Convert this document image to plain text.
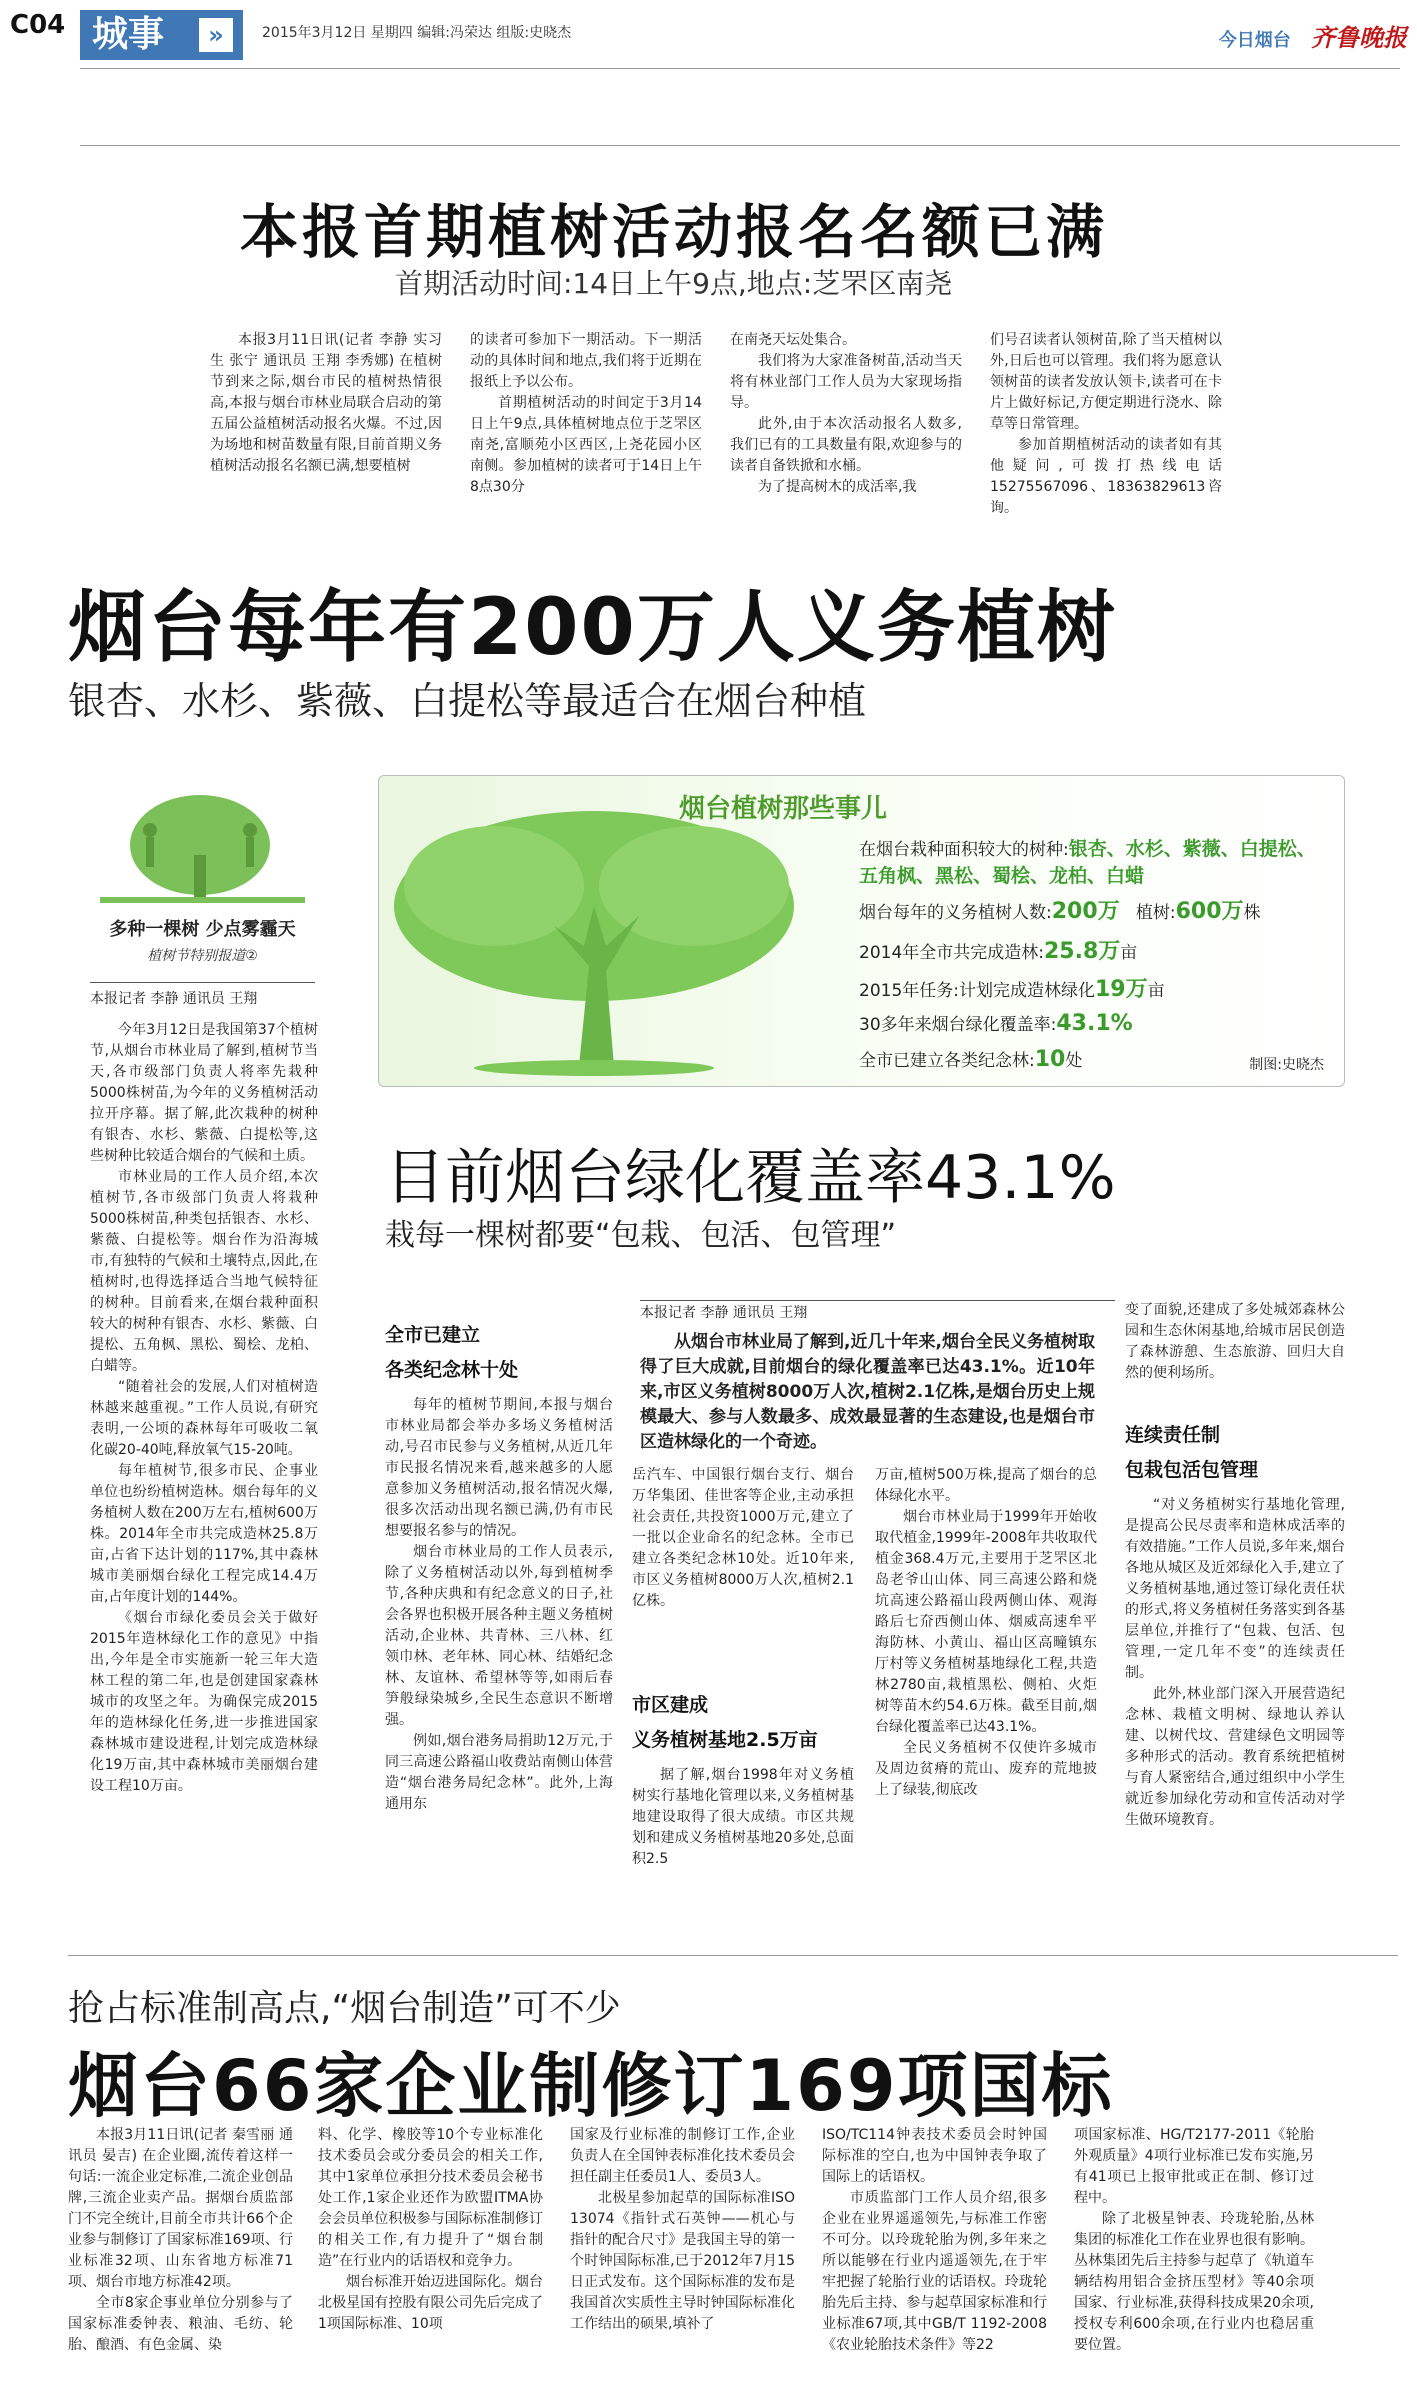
C04 城事	»	2015年3月12日 星期四 编辑:冯荣达 组版:史晓杰	今日烟台 齐鲁晚报
本报首期植树活动报名名额已满
首期活动时间:14日上午9点,地点:芝罘区南尧

本报3月11日讯(记者 李静 实习生 张宁 通讯员 王翔 李秀娜) 在植树节到来之际,烟台市民的植树热情很高,本报与烟台市林业局联合启动的第五届公益植树活动报名火爆。不过,因为场地和树苗数量有限,目前首期义务植树活动报名名额已满,想要植树

的读者可参加下一期活动。下一期活动的具体时间和地点,我们将于近期在报纸上予以公布。

首期植树活动的时间定于3月14日上午9点,具体植树地点位于芝罘区南尧,富顺苑小区西区,上尧花园小区南侧。参加植树的读者可于14日上午8点30分

在南尧天坛处集合。

我们将为大家准备树苗,活动当天将有林业部门工作人员为大家现场指导。

此外,由于本次活动报名人数多,我们已有的工具数量有限,欢迎参与的读者自备铁掀和水桶。

为了提高树木的成活率,我

们号召读者认领树苗,除了当天植树以外,日后也可以管理。我们将为愿意认领树苗的读者发放认领卡,读者可在卡片上做好标记,方便定期进行浇水、除草等日常管理。

参加首期植树活动的读者如有其他疑问,可拨打热线电话15275567096、18363829613咨询。

烟台每年有200万人义务植树
银杏、水杉、紫薇、白提松等最适合在烟台种植
多种一棵树 少点雾霾天
植树节特别报道②
本报记者 李静 通讯员 王翔

今年3月12日是我国第37个植树节,从烟台市林业局了解到,植树节当天,各市级部门负责人将率先栽种5000株树苗,为今年的义务植树活动拉开序幕。据了解,此次栽种的树种有银杏、水杉、紫薇、白提松等,这些树种比较适合烟台的气候和土质。

市林业局的工作人员介绍,本次植树节,各市级部门负责人将栽种5000株树苗,种类包括银杏、水杉、紫薇、白提松等。烟台作为沿海城市,有独特的气候和土壤特点,因此,在植树时,也得选择适合当地气候特征的树种。目前看来,在烟台栽种面积较大的树种有银杏、水杉、紫薇、白提松、五角枫、黑松、蜀桧、龙柏、白蜡等。

“随着社会的发展,人们对植树造林越来越重视。”工作人员说,有研究表明,一公顷的森林每年可吸收二氧化碳20-40吨,释放氧气15-20吨。

每年植树节,很多市民、企事业单位也纷纷植树造林。烟台每年的义务植树人数在200万左右,植树600万株。2014年全市共完成造林25.8万亩,占省下达计划的117%,其中森林城市美丽烟台绿化工程完成14.4万亩,占年度计划的144%。

《烟台市绿化委员会关于做好2015年造林绿化工作的意见》中指出,今年是全市实施新一轮三年大造林工程的第二年,也是创建国家森林城市的攻坚之年。为确保完成2015年的造林绿化任务,进一步推进国家森林城市建设进程,计划完成造林绿化19万亩,其中森林城市美丽烟台建设工程10万亩。

烟台植树那些事儿
在烟台栽种面积较大的树种:银杏、水杉、紫薇、白提松、五角枫、黑松、蜀桧、龙柏、白蜡
烟台每年的义务植树人数:200万 植树:600万株
2014年全市共完成造林:25.8万亩
2015年任务:计划完成造林绿化19万亩
30多年来烟台绿化覆盖率:43.1%
全市已建立各类纪念林:10处	制图:史晓杰
目前烟台绿化覆盖率43.1%
栽每一棵树都要“包栽、包活、包管理”
本报记者 李静 通讯员 王翔

从烟台市林业局了解到,近几十年来,烟台全民义务植树取得了巨大成就,目前烟台的绿化覆盖率已达43.1%。近10年来,市区义务植树8000万人次,植树2.1亿株,是烟台历史上规模最大、参与人数最多、成效最显著的生态建设,也是烟台市区造林绿化的一个奇迹。

全市已建立
各类纪念林十处

每年的植树节期间,本报与烟台市林业局都会举办多场义务植树活动,号召市民参与义务植树,从近几年市民报名情况来看,越来越多的人愿意参加义务植树活动,报名情况火爆,很多次活动出现名额已满,仍有市民想要报名参与的情况。

烟台市林业局的工作人员表示,除了义务植树活动以外,每到植树季节,各种庆典和有纪念意义的日子,社会各界也积极开展各种主题义务植树活动,企业林、共青林、三八林、红领巾林、老年林、同心林、结婚纪念林、友谊林、希望林等等,如雨后春笋般绿染城乡,全民生态意识不断增强。

例如,烟台港务局捐助12万元,于同三高速公路福山收费站南侧山体营造“烟台港务局纪念林”。此外,上海通用东

岳汽车、中国银行烟台支行、烟台万华集团、佳世客等企业,主动承担社会责任,共投资1000万元,建立了一批以企业命名的纪念林。全市已建立各类纪念林10处。近10年来,市区义务植树8000万人次,植树2.1亿株。

市区建成
义务植树基地2.5万亩

据了解,烟台1998年对义务植树实行基地化管理以来,义务植树基地建设取得了很大成绩。市区共规划和建成义务植树基地20多处,总面积2.5

万亩,植树500万株,提高了烟台的总体绿化水平。

烟台市林业局于1999年开始收取代植金,1999年-2008年共收取代植金368.4万元,主要用于芝罘区北岛老爷山山体、同三高速公路和烧坑高速公路福山段两侧山体、观海路后七夼西侧山体、烟威高速牟平海防林、小黄山、福山区高疃镇东厅村等义务植树基地绿化工程,共造林2780亩,栽植黑松、侧柏、火炬树等苗木约54.6万株。截至目前,烟台绿化覆盖率已达43.1%。

全民义务植树不仅使许多城市及周边贫瘠的荒山、废弃的荒地披上了绿装,彻底改

变了面貌,还建成了多处城郊森林公园和生态休闲基地,给城市居民创造了森林游憩、生态旅游、回归大自然的便利场所。

连续责任制
包栽包活包管理

“对义务植树实行基地化管理,是提高公民尽责率和造林成活率的有效措施。”工作人员说,多年来,烟台各地从城区及近郊绿化入手,建立了义务植树基地,通过签订绿化责任状的形式,将义务植树任务落实到各基层单位,并推行了“包栽、包活、包管理,一定几年不变”的连续责任制。

此外,林业部门深入开展营造纪念林、栽植文明树、绿地认养认建、以树代坟、营建绿色文明园等多种形式的活动。教育系统把植树与育人紧密结合,通过组织中小学生就近参加绿化劳动和宣传活动对学生做环境教育。

抢占标准制高点,“烟台制造”可不少
烟台66家企业制修订169项国标

本报3月11日讯(记者 秦雪丽 通讯员 晏吉) 在企业圈,流传着这样一句话:一流企业定标准,二流企业创品牌,三流企业卖产品。据烟台质监部门不完全统计,目前全市共计66个企业参与制修订了国家标准169项、行业标准32项、山东省地方标准71项、烟台市地方标准42项。

全市8家企事业单位分别参与了国家标准委钟表、粮油、毛纺、轮胎、酿酒、有色金属、染

料、化学、橡胶等10个专业标准化技术委员会或分委员会的相关工作,其中1家单位承担分技术委员会秘书处工作,1家企业还作为欧盟ITMA协会会员单位积极参与国际标准制修订的相关工作,有力提升了“烟台制造”在行业内的话语权和竞争力。

烟台标准开始迈进国际化。烟台北极星国有控股有限公司先后完成了1项国际标准、10项

国家及行业标准的制修订工作,企业负责人在全国钟表标准化技术委员会担任副主任委员1人、委员3人。

北极星参加起草的国际标准ISO 13074《指针式石英钟——机心与指针的配合尺寸》是我国主导的第一个时钟国际标准,已于2012年7月15日正式发布。这个国际标准的发布是我国首次实质性主导时钟国际标准化工作结出的硕果,填补了

ISO/TC114钟表技术委员会时钟国际标准的空白,也为中国钟表争取了国际上的话语权。

市质监部门工作人员介绍,很多企业在业界遥遥领先,与标准工作密不可分。以玲珑轮胎为例,多年来之所以能够在行业内遥遥领先,在于牢牢把握了轮胎行业的话语权。玲珑轮胎先后主持、参与起草国家标准和行业标准67项,其中GB/T 1192-2008《农业轮胎技术条件》等22

项国家标准、HG/T2177-2011《轮胎外观质量》4项行业标准已发布实施,另有41项已上报审批或正在制、修订过程中。

除了北极星钟表、玲珑轮胎,丛林集团的标准化工作在业界也很有影响。丛林集团先后主持参与起草了《轨道车辆结构用铝合金挤压型材》等40余项国家、行业标准,获得科技成果20余项,授权专利600余项,在行业内也稳居重要位置。
